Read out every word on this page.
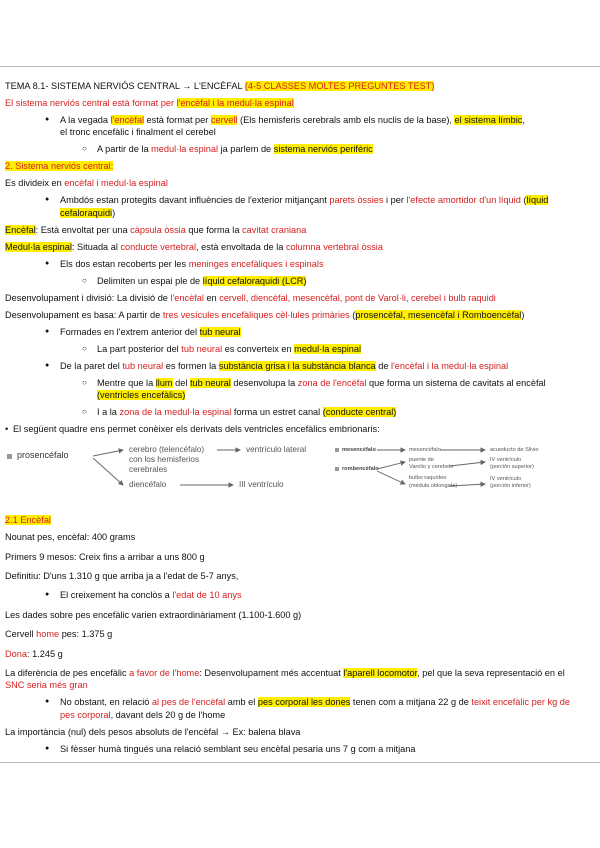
TEMA 8.1- SISTEMA NERVIÓS CENTRAL → L'ENCÈFAL (4-5 CLASSES MOLTES PREGUNTES TEST)
El sistema nerviós central està format per l'encèfal i la medul·la espinal
● A la vegada l'encèfal està format per cervell (Els hemisferis cerebrals amb els nuclis de la base), el sistema límbic,
el tronc encefàlic i finalment el cerebel
○ A partir de la medul·la espinal ja parlem de sistema nerviós perifèric
2. Sistema nerviós central:
Es divideix en encèfal i medul·la espinal
● Ambdós estan protegits davant influències de l'exterior mitjançant parets òssies i per l'efecte amortidor d'un líquid (líquid cefaloraquidi)
Encèfal: Està envoltat per una càpsula òssia que forma la cavitat craniana
Medul·la espinal: Situada al conducte vertebral, està envoltada de la columna vertebral òssia
● Els dos estan recoberts per les meninges encefàliques i espinals
○ Delimiten un espai ple de líquid cefaloraquidi (LCR)
Desenvolupament i divisió: La divisió de l'encèfal en cervell, diencèfal, mesencèfal, pont de Varol·li, cerebel i bulb raquidi
Desenvolupament es basa: A partir de tres vesícules encefàliques cèl·lules primàries (prosencèfal, mesencèfal i Romboencèfal)
● Formades en l'extrem anterior del tub neural
○ La part posterior del tub neural es converteix en medul·la espinal
● De la paret del tub neural es formen la substància grisa i la substància blanca de l'encèfal i la medul·la espinal
○ Mentre que la llum del tub neural desenvolupa la zona de l'encèfal que forma un sistema de cavitats al encèfal (ventricles encefàlics)
○ I a la zona de la medul·la espinal forma un estret canal (conducte central)
• El següent quadre ens permet conèixer els derivats dels ventricles encefàlics embrionaris:
prosencéfalo
cerebro (telencéfalo)
con los hemisferios
cerebrales
diencéfalo
ventrículo lateral
III ventrículo
mesencéfalo	mesencéfalo	acueducto de Silvio
rombencéfalo
puente de
Varolio y cerebelo
bulbo raquídeo
(médula oblongata)
IV ventrículo
(porción superior)
IV ventrículo
(porción inferior)
2.1 Encèfal
Nounat pes, encèfal: 400 grams
Primers 9 mesos: Creix fins a arribar a uns 800 g
Definitiu: D'uns 1.310 g que arriba ja a l'edat de 5-7 anys,
● El creixement ha conclòs a l'edat de 10 anys
Les dades sobre pes encefàlic varien extraordinàriament (1.100-1.600 g)
Cervell home pes: 1.375 g
Dona: 1.245 g
La diferència de pes encefàlic a favor de l'home: Desenvolupament més accentuat l'aparell locomotor, pel que la seva representació en el SNC seria més gran
● No obstant, en relació al pes de l'encèfal amb el pes corporal les dones tenen com a mitjana 22 g de teixit encefàlic per kg de pes corporal, davant dels 20 g de l'home
La importància (nul) dels pesos absoluts de l'encèfal → Ex: balena blava
● Si fèsser humà tingués una relació semblant seu encèfal pesaria uns 7 g com a mitjana
